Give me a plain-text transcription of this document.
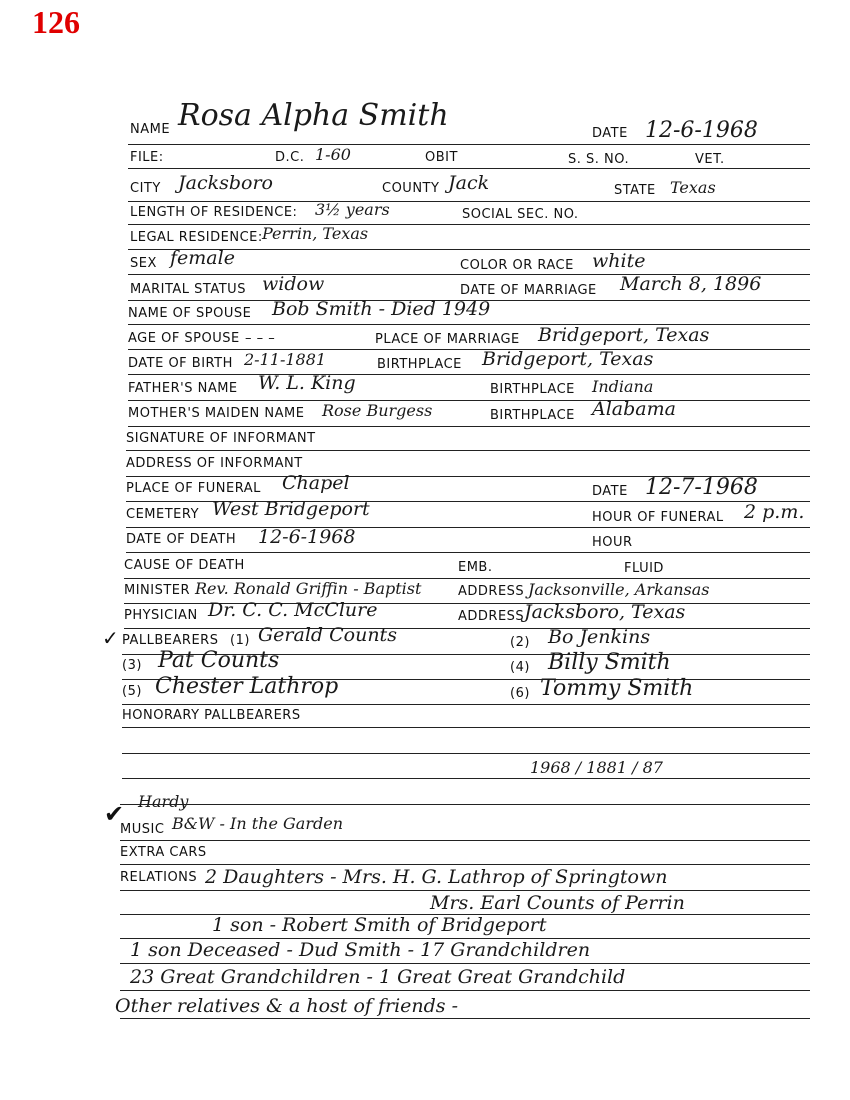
126
NAME Rosa Alpha Smith
DATE 12-6-1968
FILE:	D.C. 1-60	OBIT	S. S. NO.	VET.
CITY Jacksboro	COUNTY Jack	STATE Texas
LENGTH OF RESIDENCE: 3½ years	SOCIAL SEC. NO.
LEGAL RESIDENCE: Perrin, Texas
SEX female	COLOR OR RACE white
MARITAL STATUS widow	DATE OF MARRIAGE March 8, 1896
NAME OF SPOUSE Bob Smith - Died 1949
AGE OF SPOUSE – – –	PLACE OF MARRIAGE Bridgeport, Texas
DATE OF BIRTH 2-11-1881	BIRTHPLACE Bridgeport, Texas
FATHER'S NAME W. L. King	BIRTHPLACE Indiana
MOTHER'S MAIDEN NAME Rose Burgess	BIRTHPLACE Alabama
SIGNATURE OF INFORMANT
ADDRESS OF INFORMANT
PLACE OF FUNERAL Chapel	DATE 12-7-1968
CEMETERY West Bridgeport	HOUR OF FUNERAL 2 p.m.
DATE OF DEATH 12-6-1968	HOUR
CAUSE OF DEATH	EMB.	FLUID
MINISTER Rev. Ronald Griffin - Baptist	ADDRESS Jacksonville, Arkansas
PHYSICIAN Dr. C. C. McClure	ADDRESS Jacksboro, Texas
✓ PALLBEARERS (1) Gerald Counts	(2) Bo Jenkins
(3) Pat Counts	(4) Billy Smith
(5) Chester Lathrop	(6) Tommy Smith
HONORARY PALLBEARERS
1968 / 1881 / 87
Hardy
✔
MUSIC B&W - In the Garden
EXTRA CARS
RELATIONS 2 Daughters - Mrs. H. G. Lathrop of Springtown
Mrs. Earl Counts of Perrin
1 son - Robert Smith of Bridgeport
1 son Deceased - Dud Smith - 17 Grandchildren
23 Great Grandchildren - 1 Great Great Grandchild
Other relatives & a host of friends -
